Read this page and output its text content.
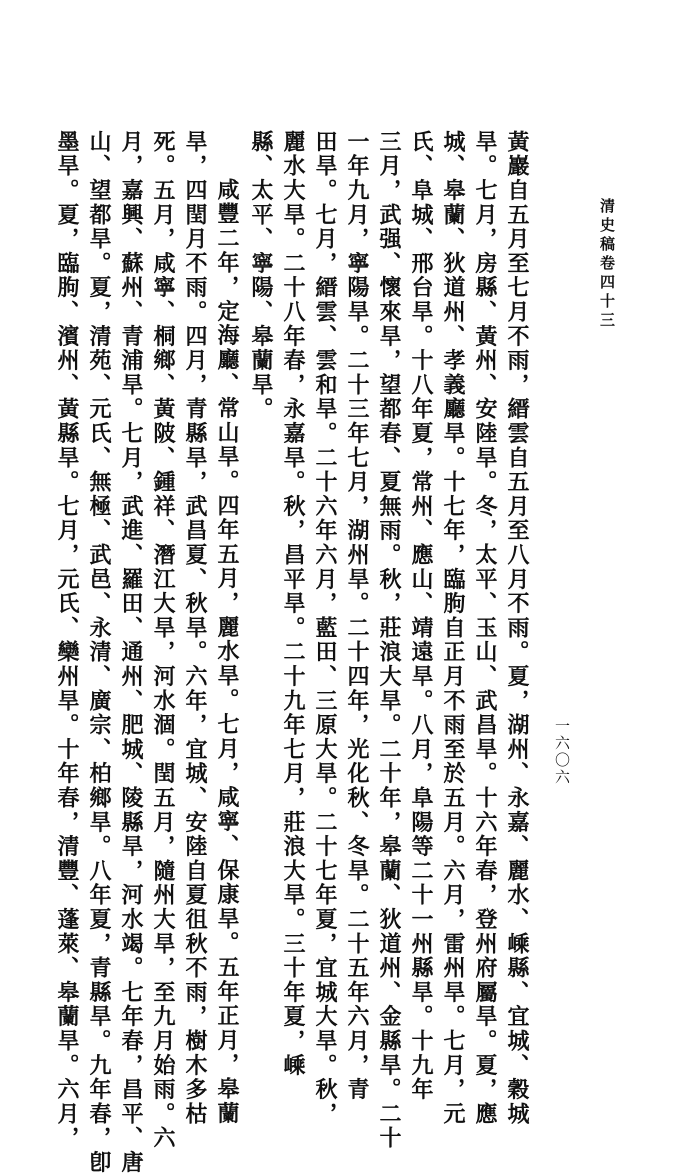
清史稿卷四十三
一六〇六
黃巖自五月至七月不雨，縉雲自五月至八月不雨。夏，湖州、永嘉、麗水、嵊縣、宜城、穀城
旱。七月，房縣、黃州、安陸旱。冬，太平、玉山、武昌旱。十六年春，登州府屬旱。夏，應
城、皋蘭、狄道州、孝義廳旱。十七年，臨朐自正月不雨至於五月。六月，雷州旱。七月，元
氏、阜城、邢台旱。十八年夏，常州、應山、靖遠旱。八月，阜陽等二十一州縣旱。十九年
三月，武强、懷來旱，望都春、夏無雨。秋，莊浪大旱。二十年，皋蘭、狄道州、金縣旱。二十
一年九月，寧陽旱。二十三年七月，湖州旱。二十四年，光化秋、冬旱。二十五年六月，青
田旱。七月，縉雲、雲和旱。二十六年六月，藍田、三原大旱。二十七年夏，宜城大旱。秋，
麗水大旱。二十八年春，永嘉旱。秋，昌平旱。二十九年七月，莊浪大旱。三十年夏，嵊
縣、太平、寧陽、皋蘭旱。
咸豐二年，定海廳、常山旱。四年五月，麗水旱。七月，咸寧、保康旱。五年正月，皋蘭
旱，四閏月不雨。四月，青縣旱，武昌夏、秋旱。六年，宜城、安陸自夏徂秋不雨，樹木多枯
死。五月，咸寧、桐鄉、黃陂、鍾祥、潛江大旱，河水涸。閏五月，隨州大旱，至九月始雨。六
月，嘉興、蘇州、青浦旱。七月，武進、羅田、通州、肥城、陵縣旱，河水竭。七年春，昌平、唐
山、望都旱。夏，清苑、元氏、無極、武邑、永清、廣宗、柏鄉旱。八年夏，青縣旱。九年春，卽
墨旱。夏，臨朐、濱州、黃縣旱。七月，元氏、欒州旱。十年春，清豐、蓬萊、皋蘭旱。六月，
